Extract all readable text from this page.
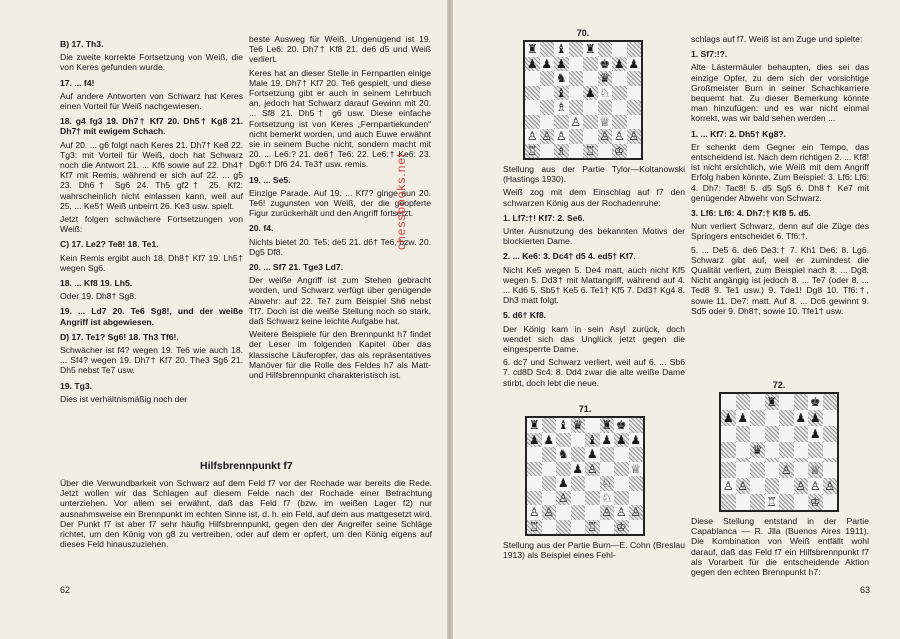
B) 17. Th3.

Die zweite korrekte Fortsetzung von Weiß, die von Keres gefunden wurde.

17. ... f4!

Auf andere Antworten von Schwarz hat Keres einen Vorteil für Weiß nachgewiesen.

18. g4 fg3 19. Dh7† Kf7 20. Dh5† Kg8 21. Dh7† mit ewigem Schach.

Auf 20. ... g6 folgt nach Keres 21. Dh7† Ke8 22. Tg3: mit Vorteil für Weiß, doch hat Schwarz noch die Antwort 21. ... Kf6 sowie auf 22. Dh4† Kf7 mit Remis, während er sich auf 22. ... g5 23. Dh6† Sg6 24. Th5 gf2† 25. Kf2: wahrscheinlich nicht einlassen kann, weil auf 25. ... Ke5† Weiß unbeirrt 26. Ke3 usw. spielt.

Jetzt folgen schwächere Fortsetzungen von Weiß:

C) 17. Le2? Te8! 18. Te1.

Kein Remis ergibt auch 18. Dh8† Kf7 19. Lh5† wegen Sg6.

18. ... Kf8 19. Lh5.

Oder 19. Dh8† Sg8.

19. ... Ld7 20. Te6 Sg8!, und der weiße Angriff ist abgewiesen.

D) 17. Te1? Sg6! 18. Th3 Tf6!.

Schwächer ist f4? wegen 19. Te6 wie auch 18. ... Sf4? wegen 19. Dh7† Kf7 20. The3 Sg6 21. Dh5 nebst Te7 usw.

19. Tg3.

Dies ist verhältnismäßig noch der

beste Ausweg für Weiß. Ungenügend ist 19. Te6 Le6: 20. Dh7† Kf8 21. de6 d5 und Weiß verliert.

Keres hat an dieser Stelle in Fernpartien einige Male 19. Dh7† Kf7 20. Te6 gespielt, und diese Fortsetzung gibt er auch in seinem Lehrbuch an, jedoch hat Schwarz darauf Gewinn mit 20. ... Sf8 21. Dh5† g6 usw. Diese einfache Fortsetzung ist von Keres „Fernpartiekunden“ nicht bemerkt worden, und auch Euwe erwähnt sie in seinem Buche nicht, sondern macht mit 20. ... Le6:? 21. de6† Te6: 22. Le6:† Ke6: 23. Dg6:† Df6 24. Te3† usw. remis.

19. ... Se5.

Einzige Parade. Auf 19. ... Kf7? ginge nun 20. Te6! zugunsten von Weiß, der die geopferte Figur zurückerhält und den Angriff fortsetzt.

20. f4.

Nichts bietet 20. Te5: de5 21. d6† Te6, bzw. 20. Dg5 Df8.

20. ... Sf7 21. Tge3 Ld7.

Der weiße Angriff ist zum Stehen gebracht worden, und Schwarz verfügt über genügende Abwehr: auf 22. Te7 zum Beispiel Sh6 nebst Tf7. Doch ist die weiße Stellung noch so stark, daß Schwarz keine leichte Aufgabe hat.

Weitere Beispiele für den Brennpunkt h7 findet der Leser im folgenden Kapitel über das klassische Läuferopfer, das als repräsentatives Manöver für die Rolle des Feldes h7 als Matt- und Hilfsbrennpunkt charakteristisch ist.

Hilfsbrennpunkt f7

Über die Verwundbarkeit von Schwarz auf dem Feld f7 vor der Rochade war bereits die Rede. Jetzt wollen wir das Schlagen auf diesem Felde nach der Rochade einer Betrachtung unterziehen. Vor allem sei erwähnt, daß das Feld f7 (bzw. im weißen Lager f2) nur ausnahmsweise ein Brennpunkt im echten Sinne ist, d. h. ein Feld, auf dem aus mattgesetzt wird. Der Punkt f7 ist aber f7 sehr häufig Hilfsbrennpunkt, gegen den der Angreifer seine Schläge richtet, um den König von g8 zu vertreiben, oder auf dem er opfert, um den König eigens auf dieses Feld hinauszuziehen.

62
chessbooks.net
70.
♜ ♝ ♜
♟ ♟ ♟	♚ ♟ ♟
♞	♛
♝ ♟ ♘
♗
♙ ♕
♙ ♙ ♙	♙ ♙ ♙
♖ ♗ ♖ ♔

Stellung aus der Partie Tylor—Koltanowski (Hastings 1930).

Weiß zog mit dem Einschlag auf f7 den schwarzen König aus der Rochadenruhe:

1. Lf7:†! Kf7: 2. Se6.

Unter Ausnutzung des bekannten Motivs der blockierten Dame.

2. ... Ke6: 3. Dc4† d5 4. ed5† Kf7.

Nicht Ke5 wegen 5. De4 matt, auch nicht Kf5 wegen 5. Dd3† mit Mattangriff, während auf 4. ... Kd6 5. Sb5† Ke5 6. Te1† Kf5 7. Dd3† Kg4 8. Dh3 matt folgt.

5. d6† Kf8.

Der König kam in sein Asyl zurück, doch wendet sich das Unglück jetzt gegen die eingesperrte Dame.

6. dc7 und Schwarz verliert, weil auf 6. ... Sb6 7. cd8D Sc4: 8. Dd4 zwar die alte weiße Dame stirbt, doch lebt die neue.

71.
♜ ♝ ♛ ♜ ♚
♟ ♟	♝ ♟ ♟ ♟
♞ ♟
♟ ♙	♕
♟	♘
♙	♘
♙ ♙	♙ ♙ ♙
♖	♖ ♔

Stellung aus der Partie Burn—E. Cohn (Breslau 1913) als Beispiel eines Fehl-

schlags auf f7. Weiß ist am Zuge und spielte:

1. Sf7:!?.

Alte Lästermäuler behaupten, dies sei das einzige Opfer, zu dem sich der vorsichtige Großmeister Burn in seiner Schachkarriere bequemt hat. Zu dieser Bemerkung könnte man hinzufügen: und es war nicht einmal korrekt, was wir bald sehen werden ...

1. ... Kf7: 2. Dh5† Kg8?.

Er schenkt dem Gegner ein Tempo, das entscheidend ist. Nach dem richtigen 2. ... Kf8! ist nicht ersichtlich, wie Weiß mit dem Angriff Erfolg haben könnte. Zum Beispiel: 3. Lf6: Lf6: 4. Dh7: Tac8! 5. d5 Sg5 6. Dh8† Ke7 mit genügender Abwehr von Schwarz.

3. Lf6: Lf6: 4. Dh7:† Kf8 5. d5.

Nun verliert Schwarz, denn auf die Züge des Springers entscheidet 6. Tf6:†.

5. ... De5 6. de6 De3:† 7. Kh1 De6: 8. Lg6. Schwarz gibt auf, weil er zumindest die Qualität verliert, zum Beispiel nach 8. ... Dg8. Nicht angängig ist jedoch 8. ... Te7 (oder 8. ... Ted8 9. Te1 usw.) 9. Tde1! Dg8 10. Tf6:†, sowie 11. De7: matt. Auf 8. ... Dc6 gewinnt 9. Sd5 oder 9. Dh8†, sowie 10. Tfe1† usw.

72.
♜	♚
♟ ♟	♟ ♟
♟
♛
♙ ♕
♙ ♙	♙ ♙ ♙
♖	♔

Diese Stellung entstand in der Partie Capablanca — R. Jlla (Buenos Aires 1911). Die Kombination von Weiß entfällt wohl darauf, daß das Feld f7 ein Hilfsbrennpunkt f7 als Vorarbeit für die entscheidende Aktion gegen den echten Brennpunkt h7:

63
